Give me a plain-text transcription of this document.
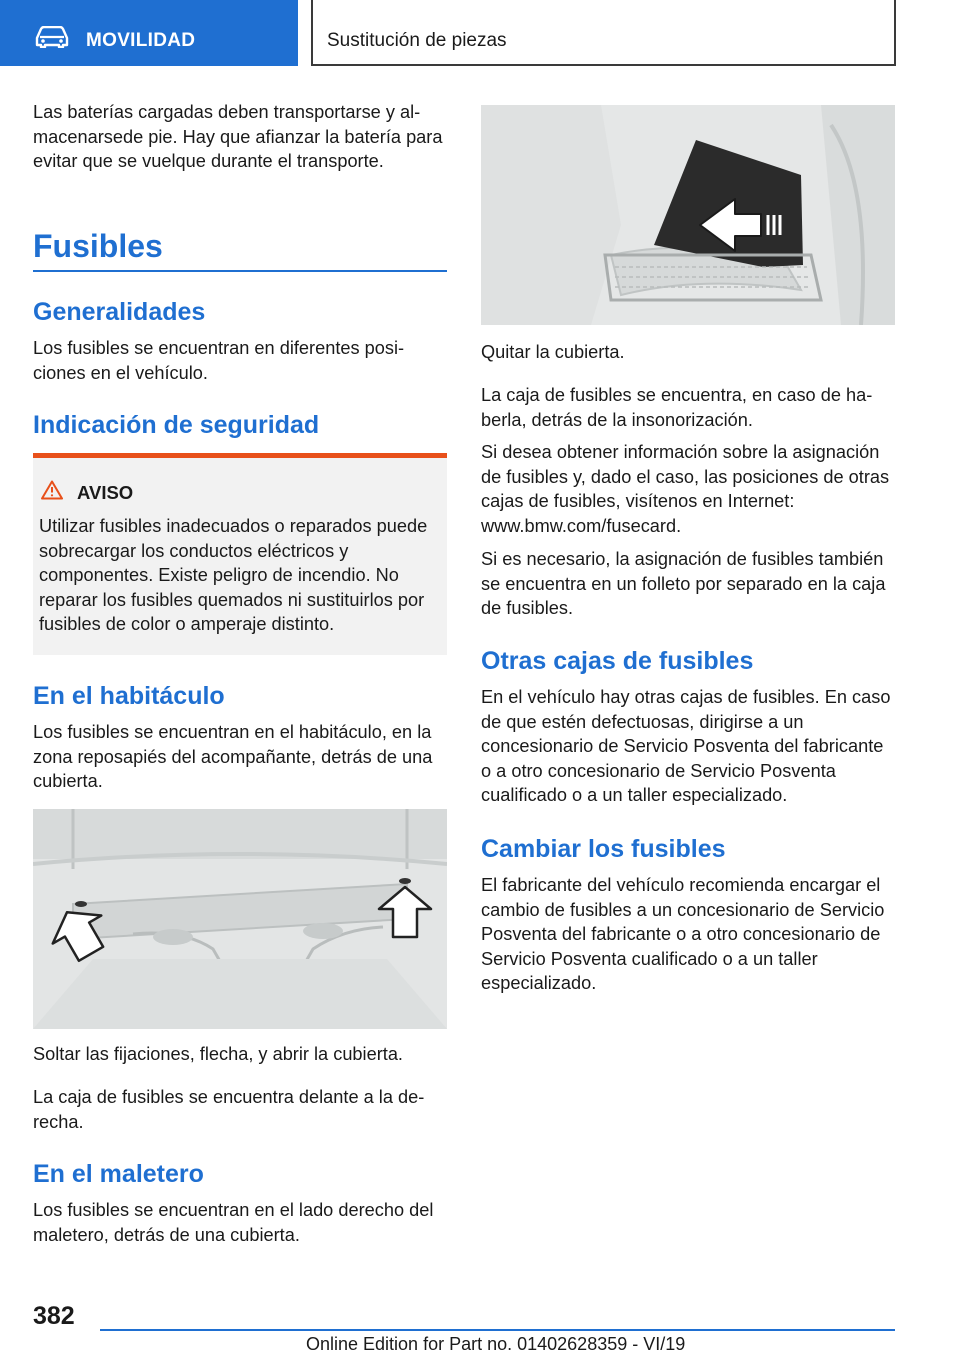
MOVILIDAD	Sustitución de piezas

Las baterías cargadas deben transportarse y almacenarsede pie. Hay que afianzar la batería para evitar que se vuelque durante el transporte.

Fusibles
Generalidades

Los fusibles se encuentran en diferentes posiciones en el vehículo.

Indicación de seguridad
AVISO

Utilizar fusibles inadecuados o reparados puede sobrecargar los conductos eléctricos y componentes. Existe peligro de incendio. No reparar los fusibles quemados ni sustituirlos por fusibles de color o amperaje distinto.

En el habitáculo

Los fusibles se encuentran en el habitáculo, en la zona reposapiés del acompañante, detrás de una cubierta.

Soltar las fijaciones, flecha, y abrir la cubierta.

La caja de fusibles se encuentra delante a la derecha.

En el maletero

Los fusibles se encuentran en el lado derecho del maletero, detrás de una cubierta.

Quitar la cubierta.

La caja de fusibles se encuentra, en caso de haberla, detrás de la insonorización.

Si desea obtener información sobre la asignación de fusibles y, dado el caso, las posiciones de otras cajas de fusibles, visítenos en Internet: www.bmw.com/fusecard.

Si es necesario, la asignación de fusibles también se encuentra en un folleto por separado en la caja de fusibles.

Otras cajas de fusibles

En el vehículo hay otras cajas de fusibles. En caso de que estén defectuosas, dirigirse a un concesionario de Servicio Posventa del fabricante o a otro concesionario de Servicio Posventa cualificado o a un taller especializado.

Cambiar los fusibles

El fabricante del vehículo recomienda encargar el cambio de fusibles a un concesionario de Servicio Posventa del fabricante o a otro concesionario de Servicio Posventa cualificado o a un taller especializado.

382
Online Edition for Part no. 01402628359 - VI/19
